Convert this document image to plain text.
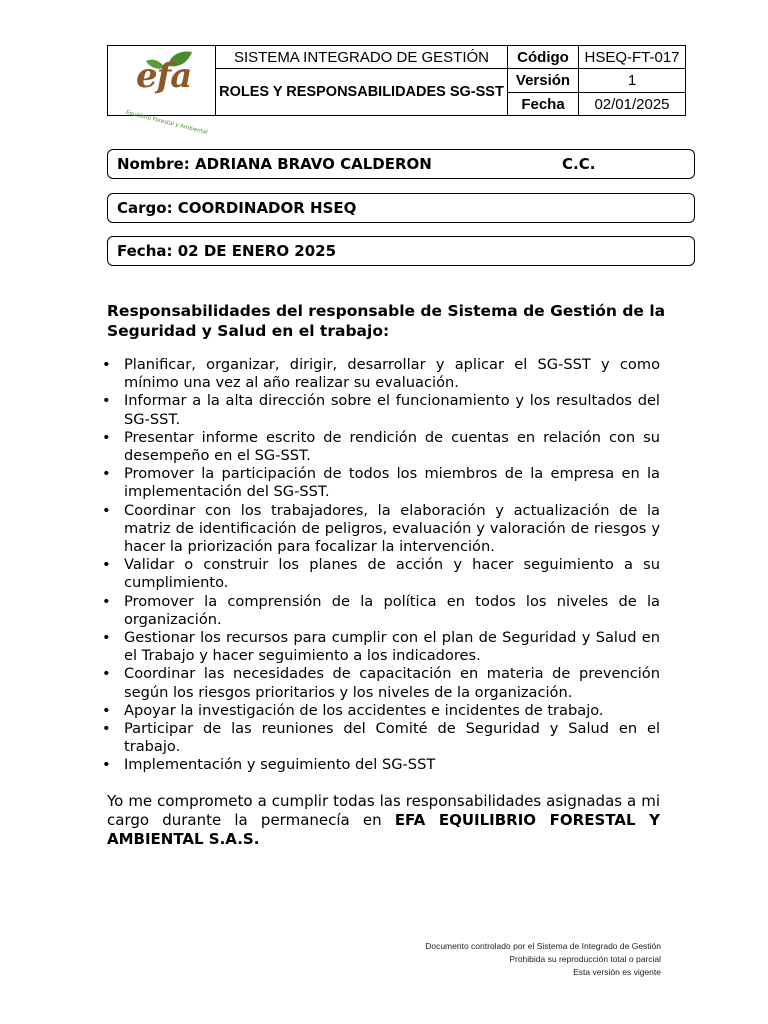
Equilibrio Forestal y Ambiental
efa	SISTEMA INTEGRADO DE GESTIÓN	Código	HSEQ-FT-017
	ROLES Y RESPONSABILIDADES SG-SST	Versión	1
		Fecha	02/01/2025
Nombre: ADRIANA BRAVO CALDERON	C.C.
Cargo: COORDINADOR HSEQ
Fecha: 02 DE ENERO 2025
Responsabilidades del responsable de Sistema de Gestión de la Seguridad y Salud en el trabajo:
• Planificar, organizar, dirigir, desarrollar y aplicar el SG-SST y como mínimo una vez al año realizar su evaluación.
• Informar a la alta dirección sobre el funcionamiento y los resultados del SG-SST.
• Presentar informe escrito de rendición de cuentas en relación con su desempeño en el SG-SST.
• Promover la participación de todos los miembros de la empresa en la implementación del SG-SST.
• Coordinar con los trabajadores, la elaboración y actualización de la matriz de identificación de peligros, evaluación y valoración de riesgos y hacer la priorización para focalizar la intervención.
• Validar o construir los planes de acción y hacer seguimiento a su cumplimiento.
• Promover la comprensión de la política en todos los niveles de la organización.
• Gestionar los recursos para cumplir con el plan de Seguridad y Salud en el Trabajo y hacer seguimiento a los indicadores.
• Coordinar las necesidades de capacitación en materia de prevención según los riesgos prioritarios y los niveles de la organización.
• Apoyar la investigación de los accidentes e incidentes de trabajo.
• Participar de las reuniones del Comité de Seguridad y Salud en el trabajo.
• Implementación y seguimiento del SG-SST
Yo me comprometo a cumplir todas las responsabilidades asignadas a mi cargo durante la permanecía en EFA EQUILIBRIO FORESTAL Y AMBIENTAL S.A.S.
Documento controlado por el Sistema de Integrado de Gestión
Prohibida su reproducción total o parcial
Esta versión es vigente
